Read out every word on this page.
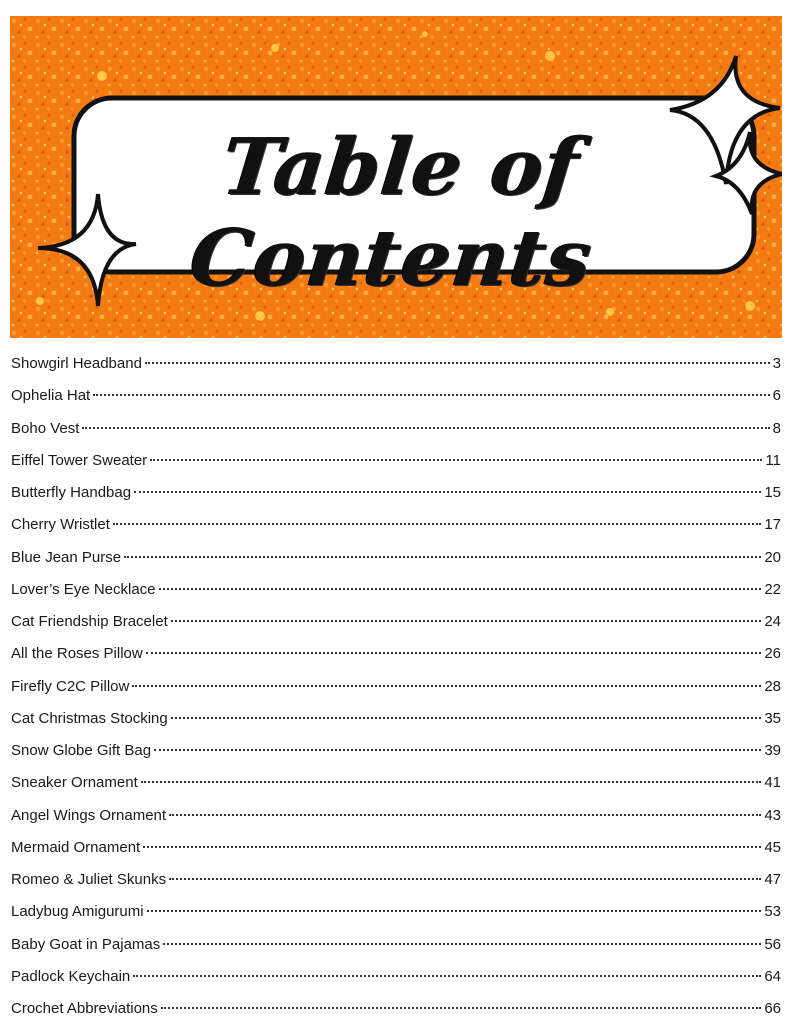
Table of Contents
Showgirl Headband	3
Ophelia Hat	6
Boho Vest	8
Eiffel Tower Sweater	11
Butterfly Handbag	15
Cherry Wristlet	17
Blue Jean Purse	20
Lover’s Eye Necklace	22
Cat Friendship Bracelet	24
All the Roses Pillow	26
Firefly C2C Pillow	28
Cat Christmas Stocking	35
Snow Globe Gift Bag	39
Sneaker Ornament	41
Angel Wings Ornament	43
Mermaid Ornament	45
Romeo & Juliet Skunks	47
Ladybug Amigurumi	53
Baby Goat in Pajamas	56
Padlock Keychain	64
Crochet Abbreviations	66
